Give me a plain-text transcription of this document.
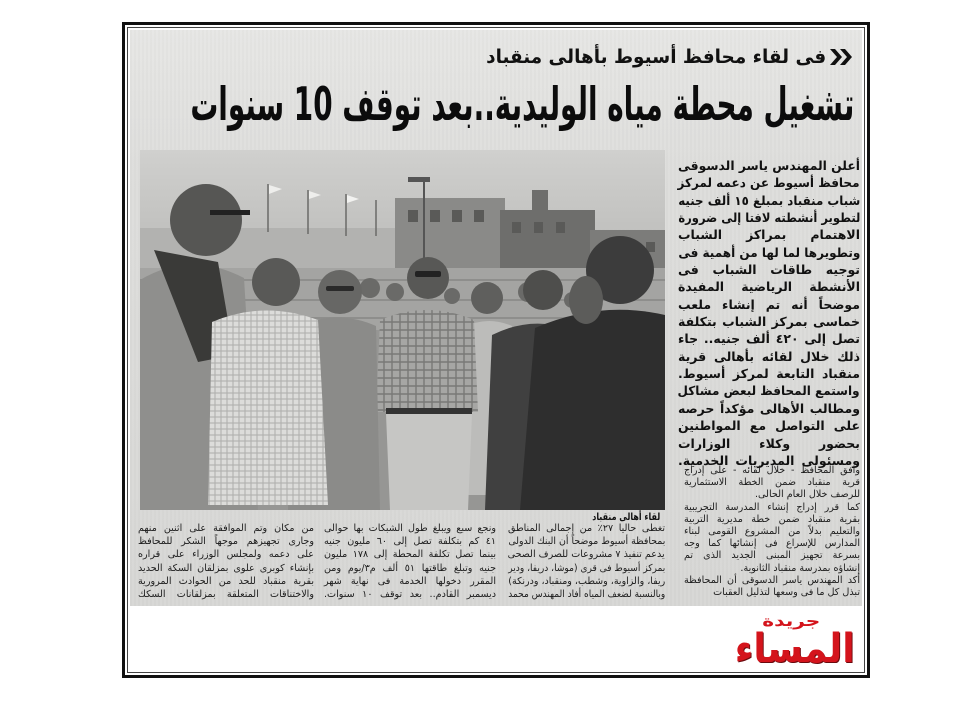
فى لقاء محافظ أسيوط بأهالى منقباد
تشغيل محطة مياه الوليدية..بعد توقف 10 سنوات
لقاء أهالى منقباد
أعلن المهندس ياسر الدسوقى
محافظ أسيوط عن دعمه لمركز
شباب منقباد بمبلغ ١٥ ألف جنيه
لتطوير أنشطته لافتا إلى ضرورة
الاهتمام بمراكز الشباب
وتطويرها لما لها من أهمية فى
توجيه طاقات الشباب فى
الأنشطة الرياضية المفيدة
موضحاً أنه تم إنشاء ملعب
خماسى بمركز الشباب بتكلفة
تصل إلى ٤٢٠ ألف جنيه.. جاء
ذلك خلال لقائه بأهالى قرية
منقباد التابعة لمركز أسيوط.
واستمع المحافظ لبعض مشاكل
ومطالب الأهالى مؤكداً حرصه
على التواصل مع المواطنين
بحضور وكلاء الوزارات
ومسئولى المديريات الخدمية.
وافق المحافظ - خلال لقائه - على إدراج
قرية منقباد ضمن الخطة الاستثمارية
للرصف خلال العام الحالى.
كما قرر إدراج إنشاء المدرسة التجريبية
بقرية منقباد ضمن خطة مديرية التربية
والتعليم بدلاً من المشروع القومى لبناء
المدارس للإسراع فى إنشائها كما وجه
بسرعة تجهيز المبنى الجديد الذى تم
إنشاؤه بمدرسة منقباد الثانوية.
أكد المهندس ياسر الدسوقى أن المحافظة
تبذل كل ما فى وسعها لتذليل العقبات
تغطى حاليا ٢٧٪ من إجمالى المناطق
بمحافظة أسيوط موضحاً أن البنك الدولى
يدعم تنفيذ ٧ مشروعات للصرف الصحى
بمركز أسيوط فى قرى (موشا، دريفا، ودير
ريفا، والزاوية، وشطب، ومنقباد، ودرنكة)
وبالنسبة لضعف المياه أفاد المهندس محمد
ونجع سبع ويبلغ طول الشبكات بها حوالى
٤١ كم بتكلفة تصل إلى ٦٠ مليون جنيه
بينما تصل تكلفة المحطة إلى ١٧٨ مليون
جنيه وتبلغ طاقتها ٥١ ألف م٣/يوم ومن
المقرر دخولها الخدمة فى نهاية شهر
ديسمبر القادم.. بعد توقف ١٠ سنوات.
من مكان وتم الموافقة على اثنين منهم
وجارى تجهيزهم موجهاً الشكر للمحافظ
على دعمه ولمجلس الوزراء على قراره
بإنشاء كوبرى علوى بمزلقان السكة الحديد
بقرية منقباد للحد من الحوادث المرورية
والاختناقات المتعلقة بمزلقانات السكك
جريدة
المساء
